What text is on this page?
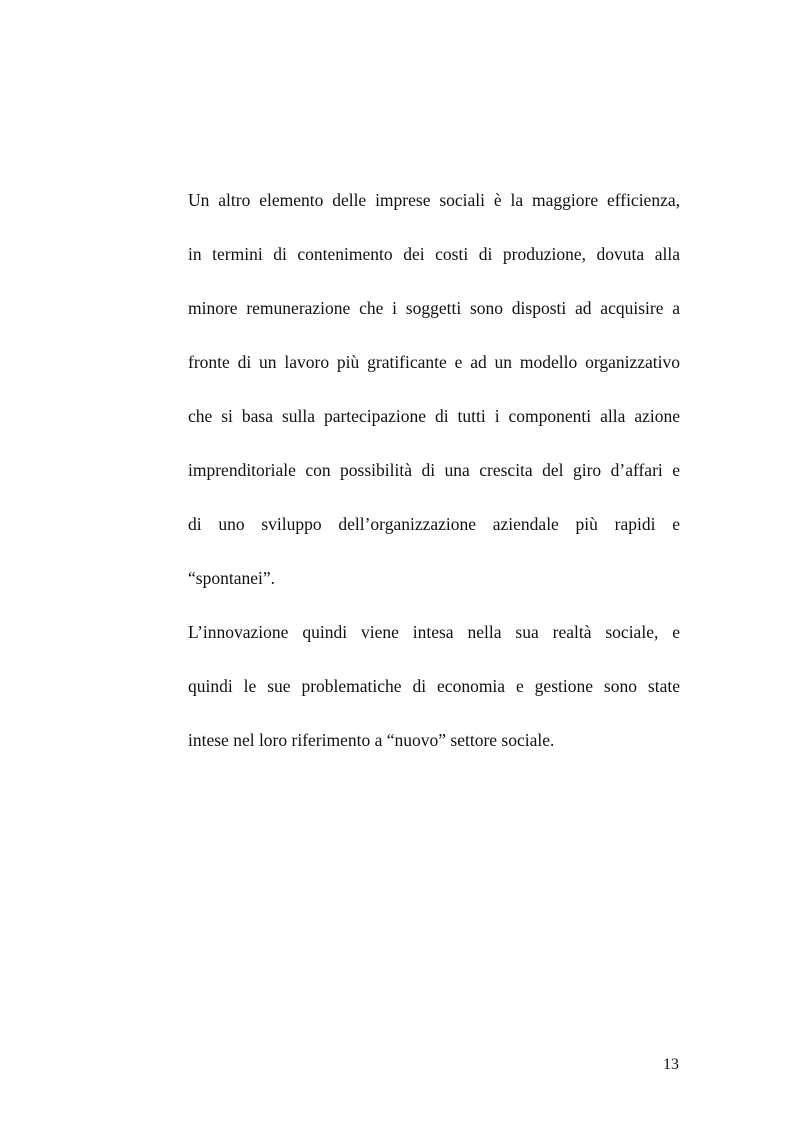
Un altro elemento delle imprese sociali è la maggiore efficienza,
in termini di contenimento dei costi di produzione, dovuta alla
minore remunerazione che i soggetti sono disposti ad acquisire a
fronte di un lavoro più gratificante e ad un modello organizzativo
che si basa sulla partecipazione di tutti i componenti alla azione
imprenditoriale con possibilità di una crescita del giro d’affari e
di uno sviluppo dell’organizzazione aziendale più rapidi e
“spontanei”.
L’innovazione quindi viene intesa nella sua realtà sociale, e
quindi le sue problematiche di economia e gestione sono state
intese nel loro riferimento a “nuovo” settore sociale.
13
